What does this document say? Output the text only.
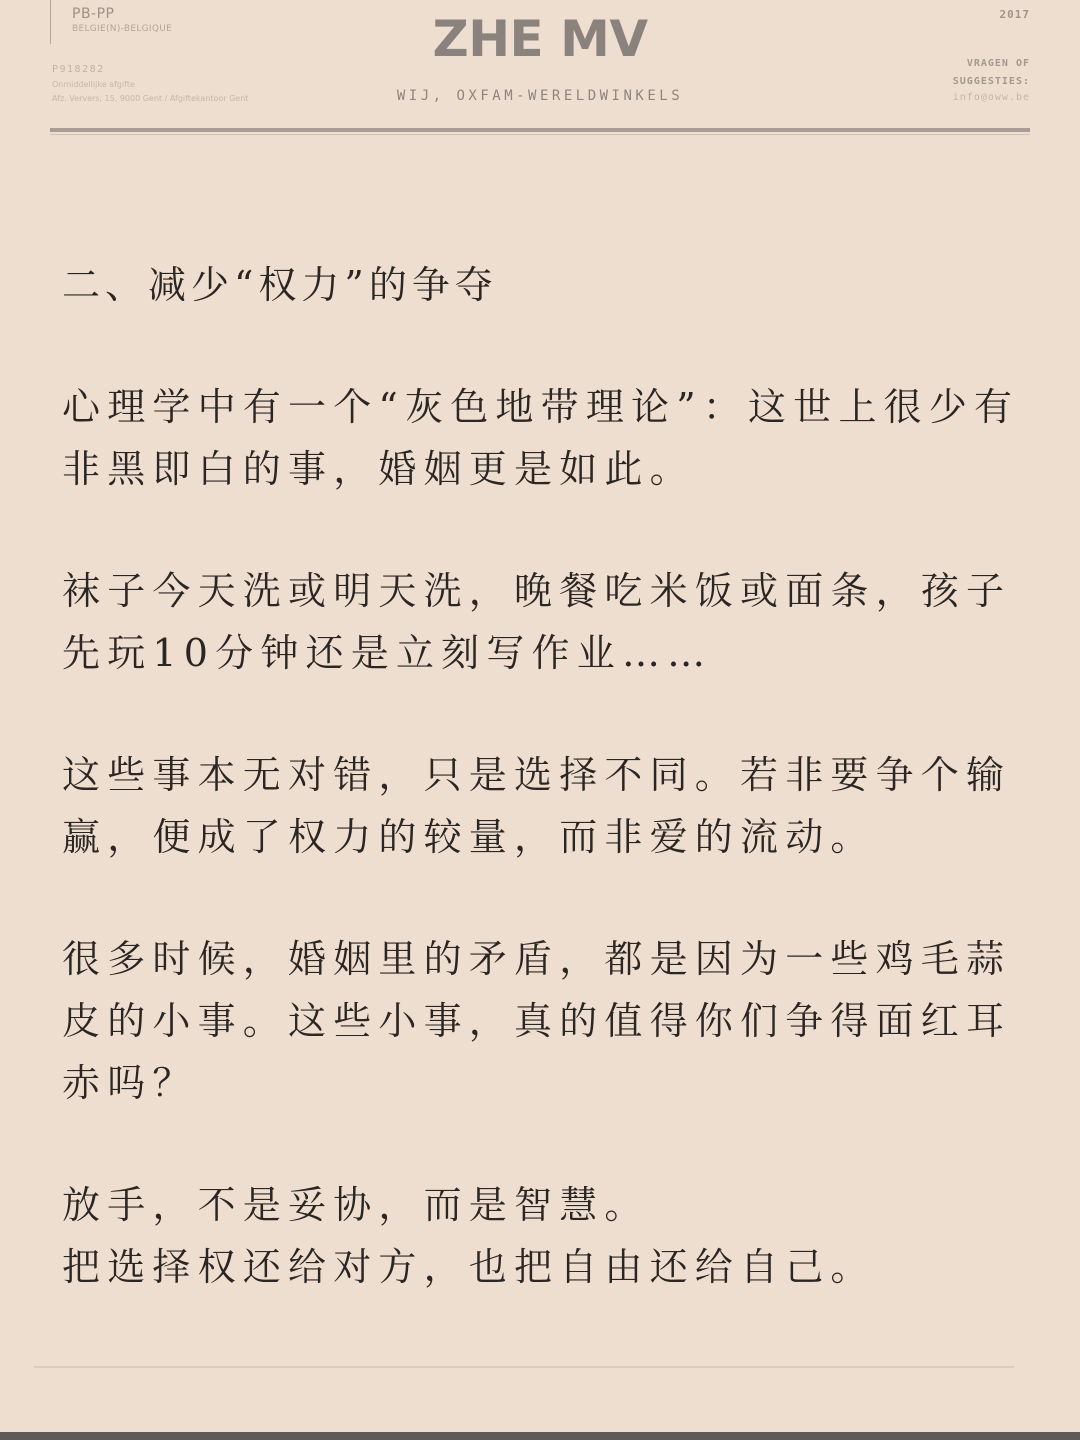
PB-PP
BELGIE(N)-BELGIQUE
P918282
Onmiddellijke afgifte
Afz. Ververs, 15, 9000 Gent / Afgiftekantoor Gent
ZHE MV
WIJ, OXFAM-WERELDWINKELS
2017
VRAGEN OF
SUGGESTIES:
info@oww.be
二、减少“权力”的争夺
心理学中有一个“灰色地带理论”：这世上很少有
非黑即白的事，婚姻更是如此。
袜子今天洗或明天洗，晚餐吃米饭或面条，孩子
先玩10分钟还是立刻写作业……
这些事本无对错，只是选择不同。若非要争个输
赢，便成了权力的较量，而非爱的流动。
很多时候，婚姻里的矛盾，都是因为一些鸡毛蒜
皮的小事。这些小事，真的值得你们争得面红耳
赤吗？
放手，不是妥协，而是智慧。
把选择权还给对方，也把自由还给自己。
